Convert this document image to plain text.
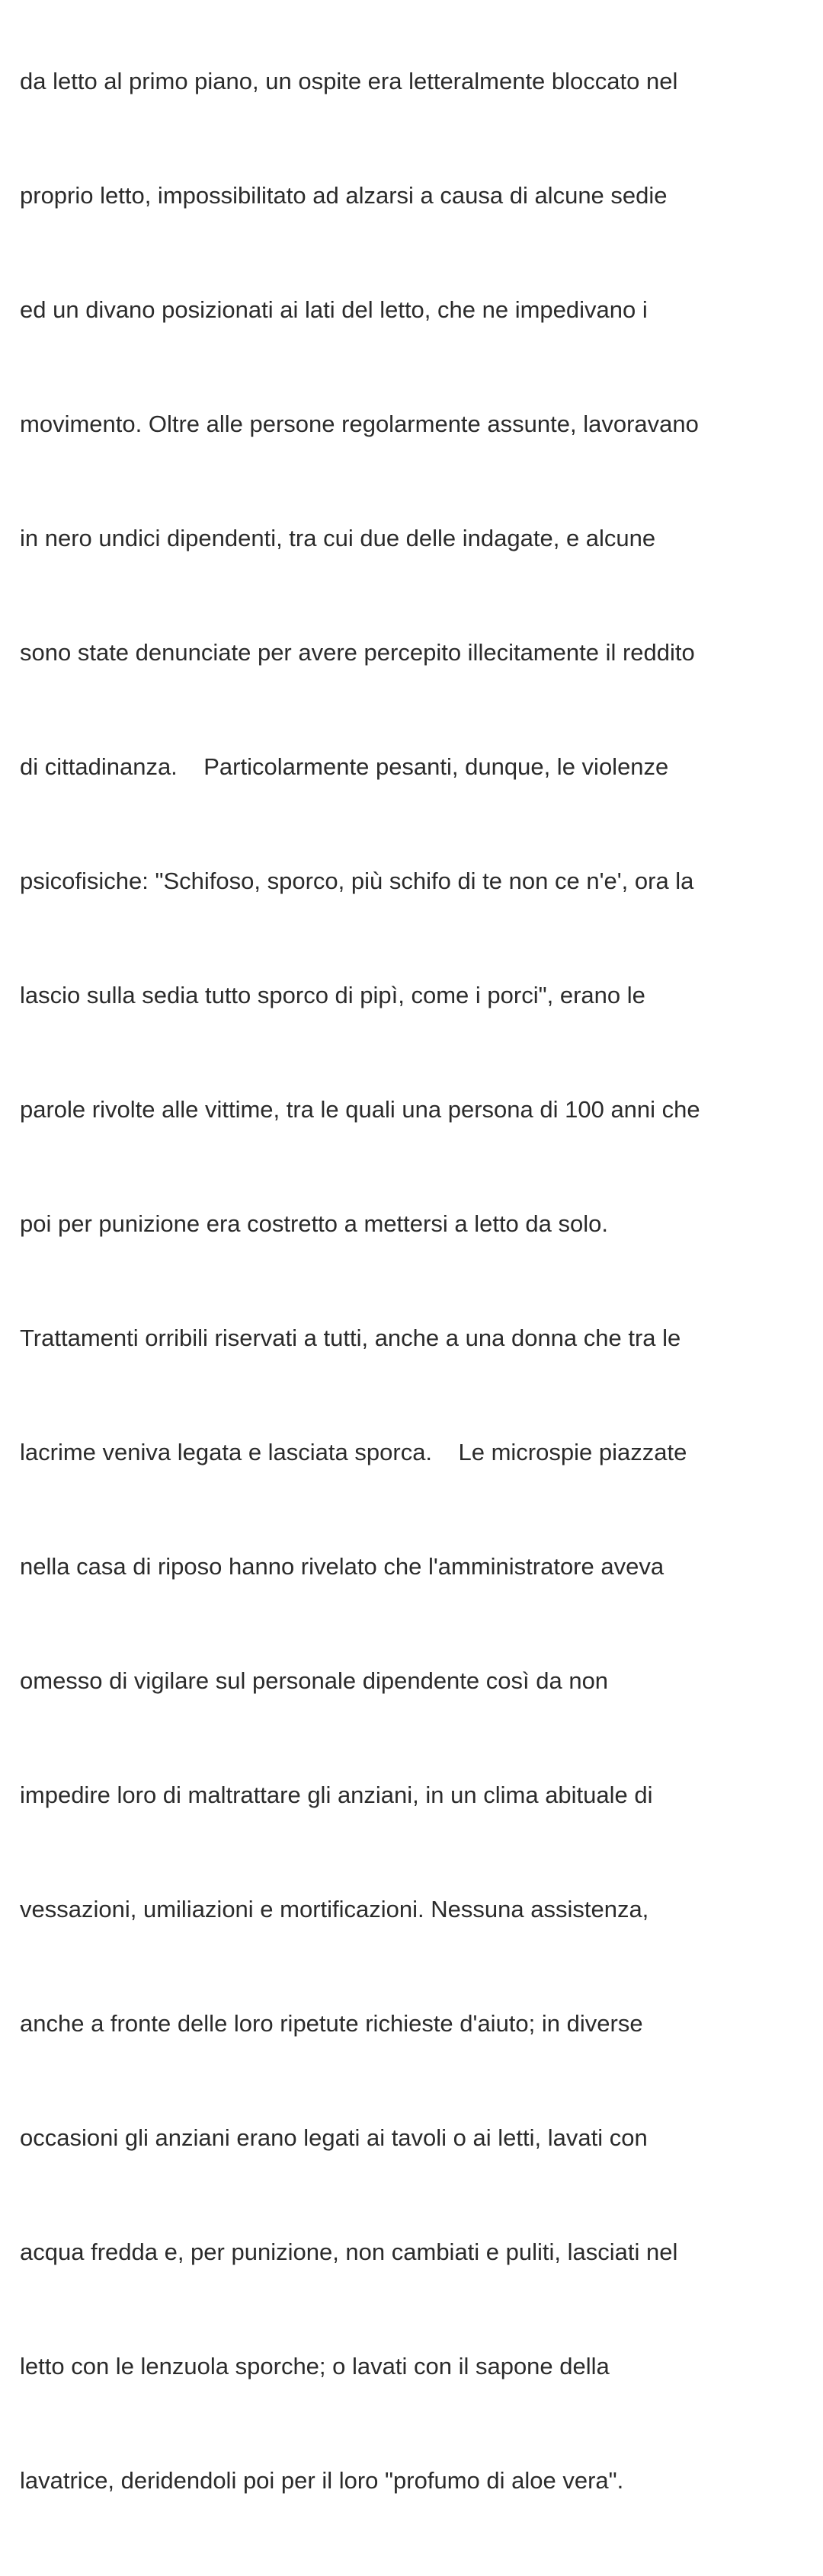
da letto al primo piano, un ospite era letteralmente bloccato nel

proprio letto, impossibilitato ad alzarsi a causa di alcune sedie

ed un divano posizionati ai lati del letto, che ne impedivano i

movimento. Oltre alle persone regolarmente assunte, lavoravano

in nero undici dipendenti, tra cui due delle indagate, e alcune

sono state denunciate per avere percepito illecitamente il reddito

di cittadinanza.    Particolarmente pesanti, dunque, le violenze

psicofisiche: "Schifoso, sporco, più schifo di te non ce n'e', ora la

lascio sulla sedia tutto sporco di pipì, come i porci", erano le

parole rivolte alle vittime, tra le quali una persona di 100 anni che

poi per punizione era costretto a mettersi a letto da solo.

Trattamenti orribili riservati a tutti, anche a una donna che tra le

lacrime veniva legata e lasciata sporca.    Le microspie piazzate

nella casa di riposo hanno rivelato che l'amministratore aveva

omesso di vigilare sul personale dipendente così da non

impedire loro di maltrattare gli anziani, in un clima abituale di

vessazioni, umiliazioni e mortificazioni. Nessuna assistenza,

anche a fronte delle loro ripetute richieste d'aiuto; in diverse

occasioni gli anziani erano legati ai tavoli o ai letti, lavati con

acqua fredda e, per punizione, non cambiati e puliti, lasciati nel

letto con le lenzuola sporche; o lavati con il sapone della

lavatrice, deridendoli poi per il loro "profumo di aloe vera".
